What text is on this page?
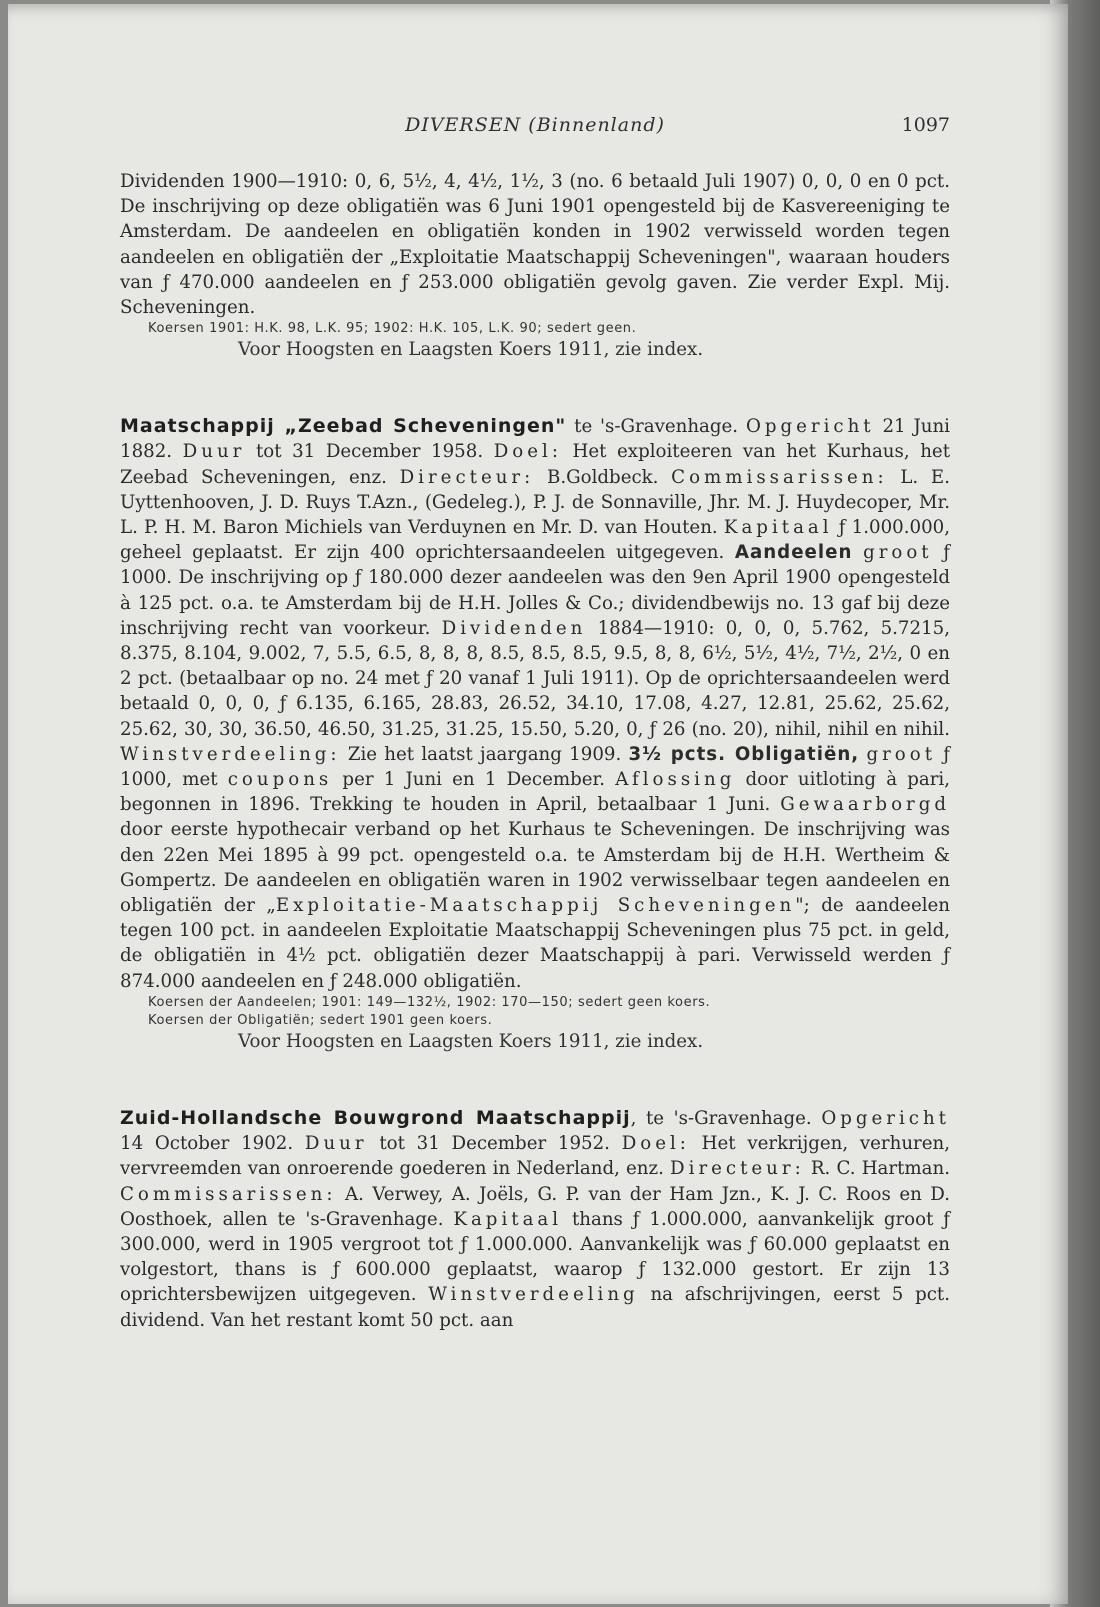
DIVERSEN (Binnenland)	1097

Dividenden 1900—1910: 0, 6, 5½, 4, 4½, 1½, 3 (no. 6 betaald Juli 1907) 0, 0, 0 en 0 pct. De inschrijving op deze obligatiën was 6 Juni 1901 opengesteld bij de Kasvereeniging te Amsterdam. De aandeelen en obligatiën konden in 1902 verwisseld worden tegen aandeelen en obligatiën der „Exploitatie Maatschappij Scheveningen", waaraan houders van ƒ 470.000 aandeelen en ƒ 253.000 obligatiën gevolg gaven. Zie verder Expl. Mij. Scheveningen.

Koersen 1901: H.K. 98, L.K. 95; 1902: H.K. 105, L.K. 90; sedert geen.

Voor Hoogsten en Laagsten Koers 1911, zie index.

Maatschappij „Zeebad Scheveningen" te 's-Gravenhage. Opgericht 21 Juni 1882. Duur tot 31 December 1958. Doel: Het exploiteeren van het Kurhaus, het Zeebad Scheveningen, enz. Directeur: B.Goldbeck. Commissarissen: L. E. Uyttenhooven, J. D. Ruys T.Azn., (Gedeleg.), P. J. de Sonnaville, Jhr. M. J. Huydecoper, Mr. L. P. H. M. Baron Michiels van Verduynen en Mr. D. van Houten. Kapitaal ƒ 1.000.000, geheel geplaatst. Er zijn 400 oprichtersaandeelen uitgegeven. Aandeelen groot ƒ 1000. De inschrijving op ƒ 180.000 dezer aandeelen was den 9en April 1900 opengesteld à 125 pct. o.a. te Amsterdam bij de H.H. Jolles & Co.; dividendbewijs no. 13 gaf bij deze inschrijving recht van voorkeur. Dividenden 1884—1910: 0, 0, 0, 5.762, 5.7215, 8.375, 8.104, 9.002, 7, 5.5, 6.5, 8, 8, 8, 8.5, 8.5, 8.5, 9.5, 8, 8, 6½, 5½, 4½, 7½, 2½, 0 en 2 pct. (betaalbaar op no. 24 met ƒ 20 vanaf 1 Juli 1911). Op de oprichtersaandeelen werd betaald 0, 0, 0, ƒ 6.135, 6.165, 28.83, 26.52, 34.10, 17.08, 4.27, 12.81, 25.62, 25.62, 25.62, 30, 30, 36.50, 46.50, 31.25, 31.25, 15.50, 5.20, 0, ƒ 26 (no. 20), nihil, nihil en nihil. Winstverdeeling: Zie het laatst jaargang 1909. 3½ pcts. Obligatiën, groot ƒ 1000, met coupons per 1 Juni en 1 December. Aflossing door uitloting à pari, begonnen in 1896. Trekking te houden in April, betaalbaar 1 Juni. Gewaarborgd door eerste hypothecair verband op het Kurhaus te Scheveningen. De inschrijving was den 22en Mei 1895 à 99 pct. opengesteld o.a. te Amsterdam bij de H.H. Wertheim & Gompertz. De aandeelen en obligatiën waren in 1902 verwisselbaar tegen aandeelen en obligatiën der „Exploitatie-Maatschappij Scheveningen"; de aandeelen tegen 100 pct. in aandeelen Exploitatie Maatschappij Scheveningen plus 75 pct. in geld, de obligatiën in 4½ pct. obligatiën dezer Maatschappij à pari. Verwisseld werden ƒ 874.000 aandeelen en ƒ 248.000 obligatiën.

Koersen der Aandeelen; 1901: 149—132½, 1902: 170—150; sedert geen koers.

Koersen der Obligatiën; sedert 1901 geen koers.

Voor Hoogsten en Laagsten Koers 1911, zie index.

Zuid-Hollandsche Bouwgrond Maatschappij, te 's-Gravenhage. Opgericht 14 October 1902. Duur tot 31 December 1952. Doel: Het verkrijgen, verhuren, vervreemden van onroerende goederen in Nederland, enz. Directeur: R. C. Hartman. Commissarissen: A. Verwey, A. Joëls, G. P. van der Ham Jzn., K. J. C. Roos en D. Oosthoek, allen te 's-Gravenhage. Kapitaal thans ƒ 1.000.000, aanvankelijk groot ƒ 300.000, werd in 1905 vergroot tot ƒ 1.000.000. Aanvankelijk was ƒ 60.000 geplaatst en volgestort, thans is ƒ 600.000 geplaatst, waarop ƒ 132.000 gestort. Er zijn 13 oprichtersbewijzen uitgegeven. Winstverdeeling na afschrijvingen, eerst 5 pct. dividend. Van het restant komt 50 pct. aan
